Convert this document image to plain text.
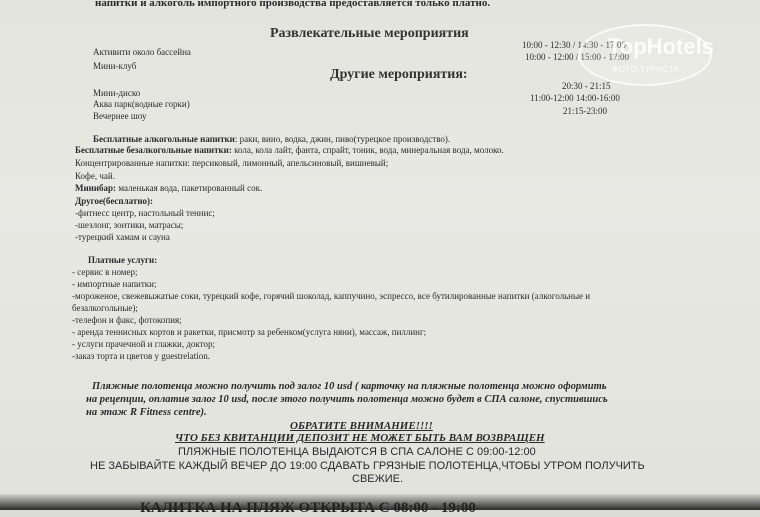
напитки и алкоголь импортного производства предоставляется только платно.
Развлекательные мероприятия
Активити около бассейна
10:00 - 12:30 / 14:30 - 17:00
Мини-клуб
10:00 - 12:00 / 15:00 - 17:00
Другие мероприятия:
Мини-диско
20:30 - 21:15
Аква парк(водные горки)
11:00-12:00 14:00-16:00
Вечернее шоу	21:15-23:00
Бесплатные алкогольные напитки: раки, вино, водка, джин, пиво(турецкое производство).
Бесплатные безалкогольные напитки: кола, кола лайт, фанта, спрайт, тоник, вода, минеральная вода, молоко.
Концентрированные напитки: персиковый, лимонный, апельсиновый, вишневый;
Кофе, чай.
Минибар: маленькая вода, пакетированный сок.
Другое(бесплатно):
-фитнесс центр, настольный теннис;
-шезлонг, зонтики, матрасы;
-турецкий хамам и сауна
Платные услуги:
- сервис в номер;
- импортные напитки;
-мороженое, свежевыжатые соки, турецкий кофе, горячий шоколад, каппучино, эспрессо, все бутилированные напитки (алкогольные и
безалкогольные);
-телефон и факс, фотокопия;
- аренда теннисных кортов и ракетки, присмотр за ребенком(услуга няни), массаж, пиллинг;
- услуги прачечной и глажки, доктор;
-заказ торта и цветов у guestrelation.
Пляжные полотенца можно получить под залог 10 usd ( карточку на пляжные полотенца можно оформить
на рецепции, оплатив залог 10 usd, после этого получить полотенца можно будет в СПА салоне, спустившись
на этаж R Fitness centre).
ОБРАТИТЕ ВНИМАНИЕ!!!!
ЧТО БЕЗ КВИТАНЦИИ ДЕПОЗИТ НЕ МОЖЕТ БЫТЬ ВАМ ВОЗВРАЩЕН
ПЛЯЖНЫЕ ПОЛОТЕНЦА ВЫДАЮТСЯ В СПА САЛОНЕ С 09:00-12:00
НЕ ЗАБЫВАЙТЕ КАЖДЫЙ ВЕЧЕР ДО 19:00 СДАВАТЬ ГРЯЗНЫЕ ПОЛОТЕНЦА,ЧТОБЫ УТРОМ ПОЛУЧИТЬ
СВЕЖИЕ.
КАЛИТКА НА ПЛЯЖ ОТКРЫТА С 08:00 - 19:00
TopHotels
ФОТО ТУРИСТА
